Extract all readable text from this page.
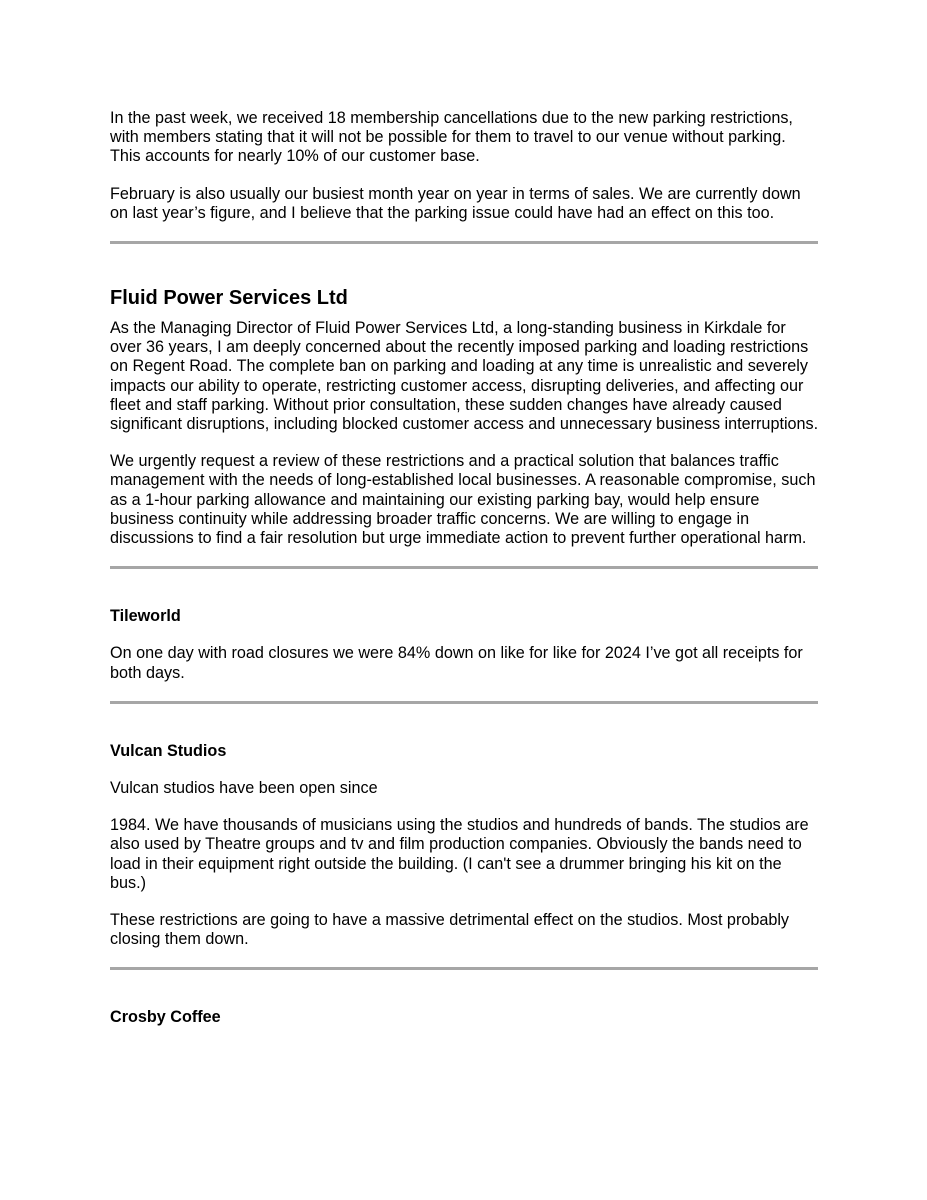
In the past week, we received 18 membership cancellations due to the new parking restrictions, with members stating that it will not be possible for them to travel to our venue without parking. This accounts for nearly 10% of our customer base.

February is also usually our busiest month year on year in terms of sales. We are currently down on last year’s figure, and I believe that the parking issue could have had an effect on this too.

Fluid Power Services Ltd

As the Managing Director of Fluid Power Services Ltd, a long-standing business in Kirkdale for over 36 years, I am deeply concerned about the recently imposed parking and loading restrictions on Regent Road. The complete ban on parking and loading at any time is unrealistic and severely impacts our ability to operate, restricting customer access, disrupting deliveries, and affecting our fleet and staff parking. Without prior consultation, these sudden changes have already caused significant disruptions, including blocked customer access and unnecessary business interruptions.

We urgently request a review of these restrictions and a practical solution that balances traffic management with the needs of long-established local businesses. A reasonable compromise, such as a 1-hour parking allowance and maintaining our existing parking bay, would help ensure business continuity while addressing broader traffic concerns. We are willing to engage in discussions to find a fair resolution but urge immediate action to prevent further operational harm.

Tileworld

On one day with road closures we were 84% down on like for like for 2024 I’ve got all receipts for both days.

Vulcan Studios

Vulcan studios have been open since

1984. We have thousands of musicians using the studios and hundreds of bands. The studios are also used by Theatre groups and tv and film production companies. Obviously the bands need to load in their equipment right outside the building. (I can't see a drummer bringing his kit on the bus.)

These restrictions are going to have a massive detrimental effect on the studios. Most probably closing them down.

Crosby Coffee
